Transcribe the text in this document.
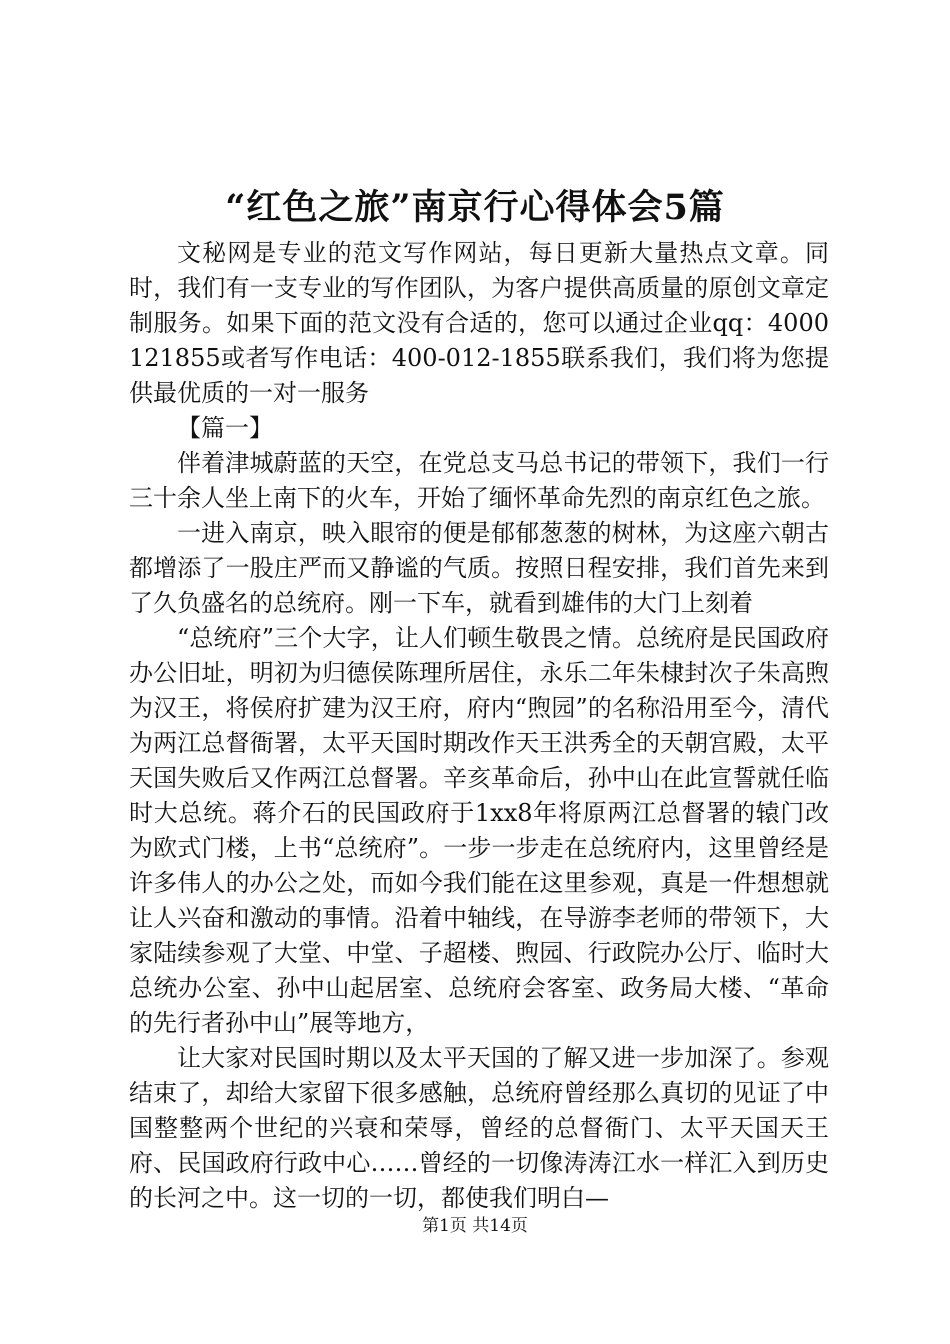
“红色之旅”南京行心得体会5篇

文秘网是专业的范文写作网站，每日更新大量热点文章。同时，我们有一支专业的写作团队，为客户提供高质量的原创文章定制服务。如果下面的范文没有合适的，您可以通过企业qq：4000121855或者写作电话：400-012-1855联系我们，我们将为您提供最优质的一对一服务

【篇一】

伴着津城蔚蓝的天空，在党总支马总书记的带领下，我们一行三十余人坐上南下的火车，开始了缅怀革命先烈的南京红色之旅。

一进入南京，映入眼帘的便是郁郁葱葱的树林，为这座六朝古都增添了一股庄严而又静谧的气质。按照日程安排，我们首先来到了久负盛名的总统府。刚一下车，就看到雄伟的大门上刻着

“总统府”三个大字，让人们顿生敬畏之情。总统府是民国政府办公旧址，明初为归德侯陈理所居住，永乐二年朱棣封次子朱高煦为汉王，将侯府扩建为汉王府，府内“煦园”的名称沿用至今，清代为两江总督衙署，太平天国时期改作天王洪秀全的天朝宫殿，太平天国失败后又作两江总督署。辛亥革命后，孙中山在此宣誓就任临时大总统。蒋介石的民国政府于1xx8年将原两江总督署的辕门改为欧式门楼，上书“总统府”。一步一步走在总统府内，这里曾经是许多伟人的办公之处，而如今我们能在这里参观，真是一件想想就让人兴奋和激动的事情。沿着中轴线，在导游李老师的带领下，大家陆续参观了大堂、中堂、子超楼、煦园、行政院办公厅、临时大总统办公室、孙中山起居室、总统府会客室、政务局大楼、“革命的先行者孙中山”展等地方，

让大家对民国时期以及太平天国的了解又进一步加深了。参观结束了，却给大家留下很多感触，总统府曾经那么真切的见证了中国整整两个世纪的兴衰和荣辱，曾经的总督衙门、太平天国天王府、民国政府行政中心……曾经的一切像涛涛江水一样汇入到历史的长河之中。这一切的一切，都使我们明白—

第1页 共14页
